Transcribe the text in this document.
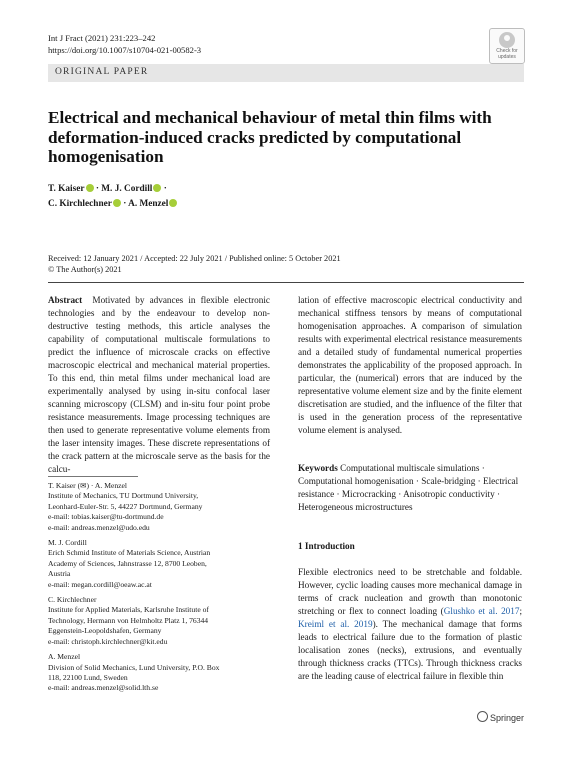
Int J Fract (2021) 231:223–242
https://doi.org/10.1007/s10704-021-00582-3	Check for
updates
ORIGINAL PAPER
Electrical and mechanical behaviour of metal thin films with deformation-induced cracks predicted by computational homogenisation
T. Kaiser · M. J. Cordill ·
C. Kirchlechner · A. Menzel
Received: 12 January 2021 / Accepted: 22 July 2021 / Published online: 5 October 2021
© The Author(s) 2021
Abstract Motivated by advances in flexible electronic technologies and by the endeavour to develop non-destructive testing methods, this article analyses the capability of computational multiscale formulations to predict the influence of microscale cracks on effective macroscopic electrical and mechanical material properties. To this end, thin metal films under mechanical load are experimentally analysed by using in-situ confocal laser scanning microscopy (CLSM) and in-situ four point probe resistance measurements. Image processing techniques are then used to generate representative volume elements from the laser intensity images. These discrete representations of the crack pattern at the microscale serve as the basis for the calcu-
T. Kaiser (✉) · A. Menzel
Institute of Mechanics, TU Dortmund University,
Leonhard-Euler-Str. 5, 44227 Dortmund, Germany
e-mail: tobias.kaiser@tu-dortmund.de
e-mail: andreas.menzel@udo.edu
M. J. Cordill
Erich Schmid Institute of Materials Science, Austrian
Academy of Sciences, Jahnstrasse 12, 8700 Leoben,
Austria
e-mail: megan.cordill@oeaw.ac.at
C. Kirchlechner
Institute for Applied Materials, Karlsruhe Institute of
Technology, Hermann von Helmholtz Platz 1, 76344
Eggenstein-Leopoldshafen, Germany
e-mail: christoph.kirchlechner@kit.edu
A. Menzel
Division of Solid Mechanics, Lund University, P.O. Box
118, 22100 Lund, Sweden
e-mail: andreas.menzel@solid.lth.se
lation of effective macroscopic electrical conductivity and mechanical stiffness tensors by means of computational homogenisation approaches. A comparison of simulation results with experimental electrical resistance measurements and a detailed study of fundamental numerical properties demonstrates the applicability of the proposed approach. In particular, the (numerical) errors that are induced by the representative volume element size and by the finite element discretisation are studied, and the influence of the filter that is used in the generation process of the representative volume element is analysed.
Keywords Computational multiscale simulations · Computational homogenisation · Scale-bridging · Electrical resistance · Microcracking · Anisotropic conductivity · Heterogeneous microstructures
1 Introduction
Flexible electronics need to be stretchable and foldable. However, cyclic loading causes more mechanical damage in terms of crack nucleation and growth than monotonic stretching or flex to connect loading (Glushko et al. 2017; Kreiml et al. 2019). The mechanical damage that forms leads to electrical failure due to the formation of plastic localisation zones (necks), extrusions, and eventually through thickness cracks (TTCs). Through thickness cracks are the leading cause of electrical failure in flexible thin
Springer
